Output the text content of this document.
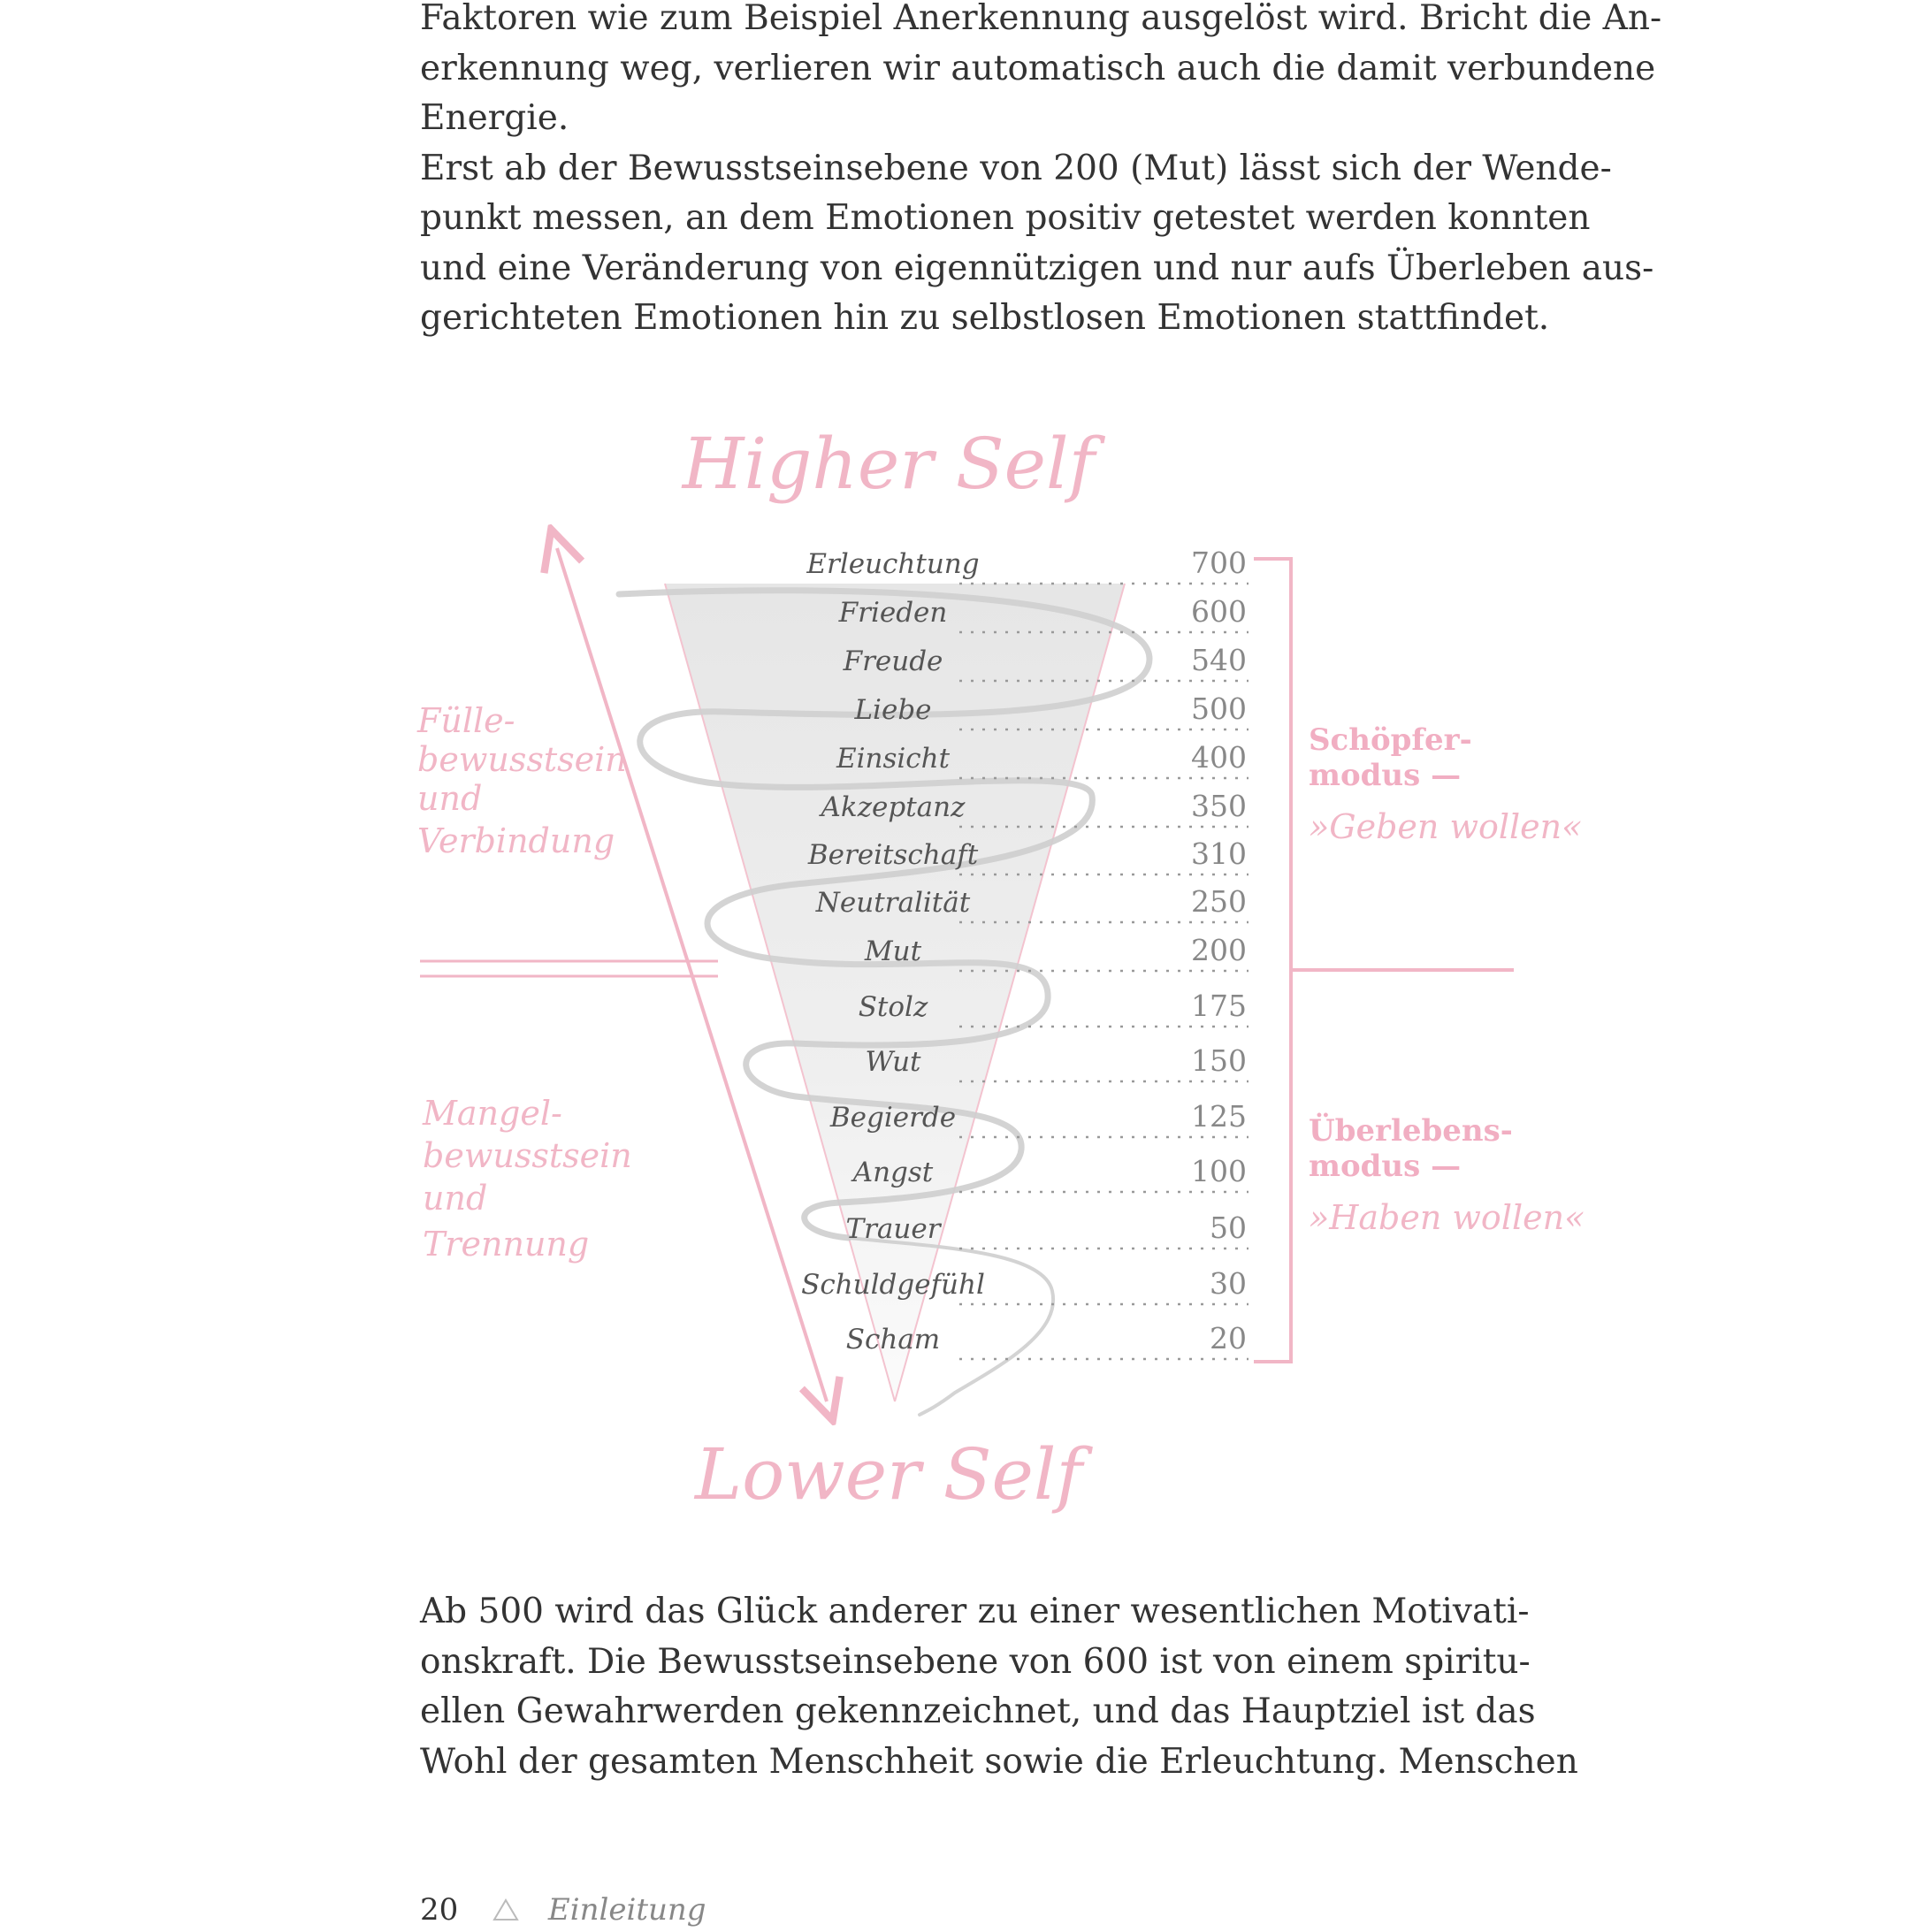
Faktoren wie zum Beispiel Anerkennung ausgelöst wird. Bricht die An-
erkennung weg, verlieren wir automatisch auch die damit verbundene
Energie.
Erst ab der Bewusstseinsebene von 200 (Mut) lässt sich der Wende-
punkt messen, an dem Emotionen positiv getestet werden konnten
und eine Veränderung von eigennützigen und nur aufs Überleben aus-
gerichteten Emotionen hin zu selbstlosen Emotionen stattfindet.
Higher Self
Erleuchtung	700
Frieden	600
Freude	540
Liebe	500
Einsicht	400
Akzeptanz	350
Bereitschaft	310
Neutralität	250
Mut	200
Stolz	175
Wut	150
Begierde	125
Angst	100
Trauer	50
Schuldgefühl	30
Scham	20
Fülle-
bewusstsein
und
Verbindung
Mangel-
bewusstsein
und
Trennung
Schöpfer-
modus —
»Geben wollen«
Überlebens-
modus —
»Haben wollen«
Lower Self
Ab 500 wird das Glück anderer zu einer wesentlichen Motivati-
onskraft. Die Bewusstseinsebene von 600 ist von einem spiritu-
ellen Gewahrwerden gekennzeichnet, und das Hauptziel ist das
Wohl der gesamten Menschheit sowie die Erleuchtung. Menschen
20	Einleitung
